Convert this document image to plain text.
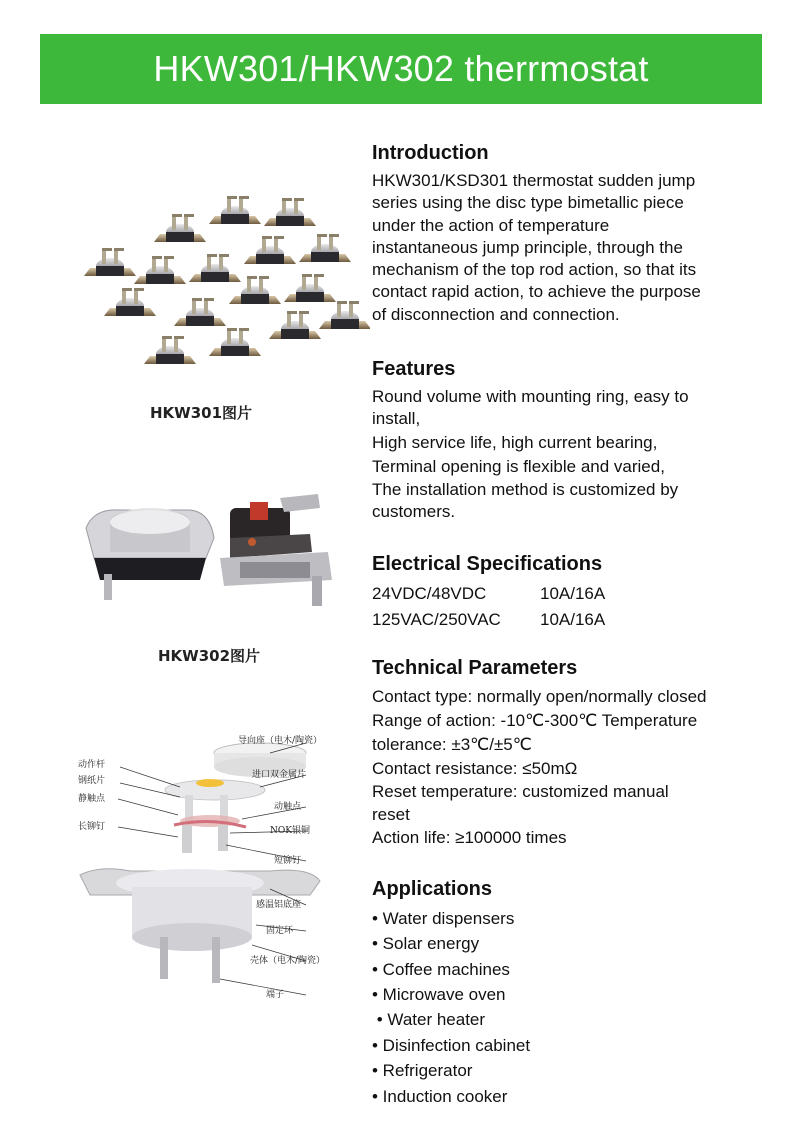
HKW301/HKW302 therrmostat
HKW301图片
HKW302图片
动作杆
钢纸片
静触点
长铆钉
导向座（电木/陶瓷）
进口双金属片
动触点
NOK银铜
短铆钉
感温铝底座
固定环
壳体（电木/陶瓷）
端子
Introduction

HKW301/KSD301 thermostat sudden jump

series using the disc type bimetallic piece

under the action of temperature

instantaneous jump principle, through the

mechanism of the top rod action, so that its

contact rapid action, to achieve the purpose

of disconnection and connection.

Features

Round volume with mounting ring, easy to

install,

High service life, high current bearing,

Terminal opening is flexible and varied,

The installation method is customized by

customers.

Electrical Specifications
24VDC/48VDC	10A/16A
125VAC/250VAC	10A/16A
Technical Parameters

Contact type: normally open/normally closed

Range of action: -10℃-300℃ Temperature

tolerance: ±3℃/±5℃

Contact resistance: ≤50mΩ

Reset temperature: customized manual

reset

Action life: ≥100000 times

Applications
• Water dispensers
• Solar energy
• Coffee machines
• Microwave oven
• Water heater
• Disinfection cabinet
• Refrigerator
• Induction cooker
